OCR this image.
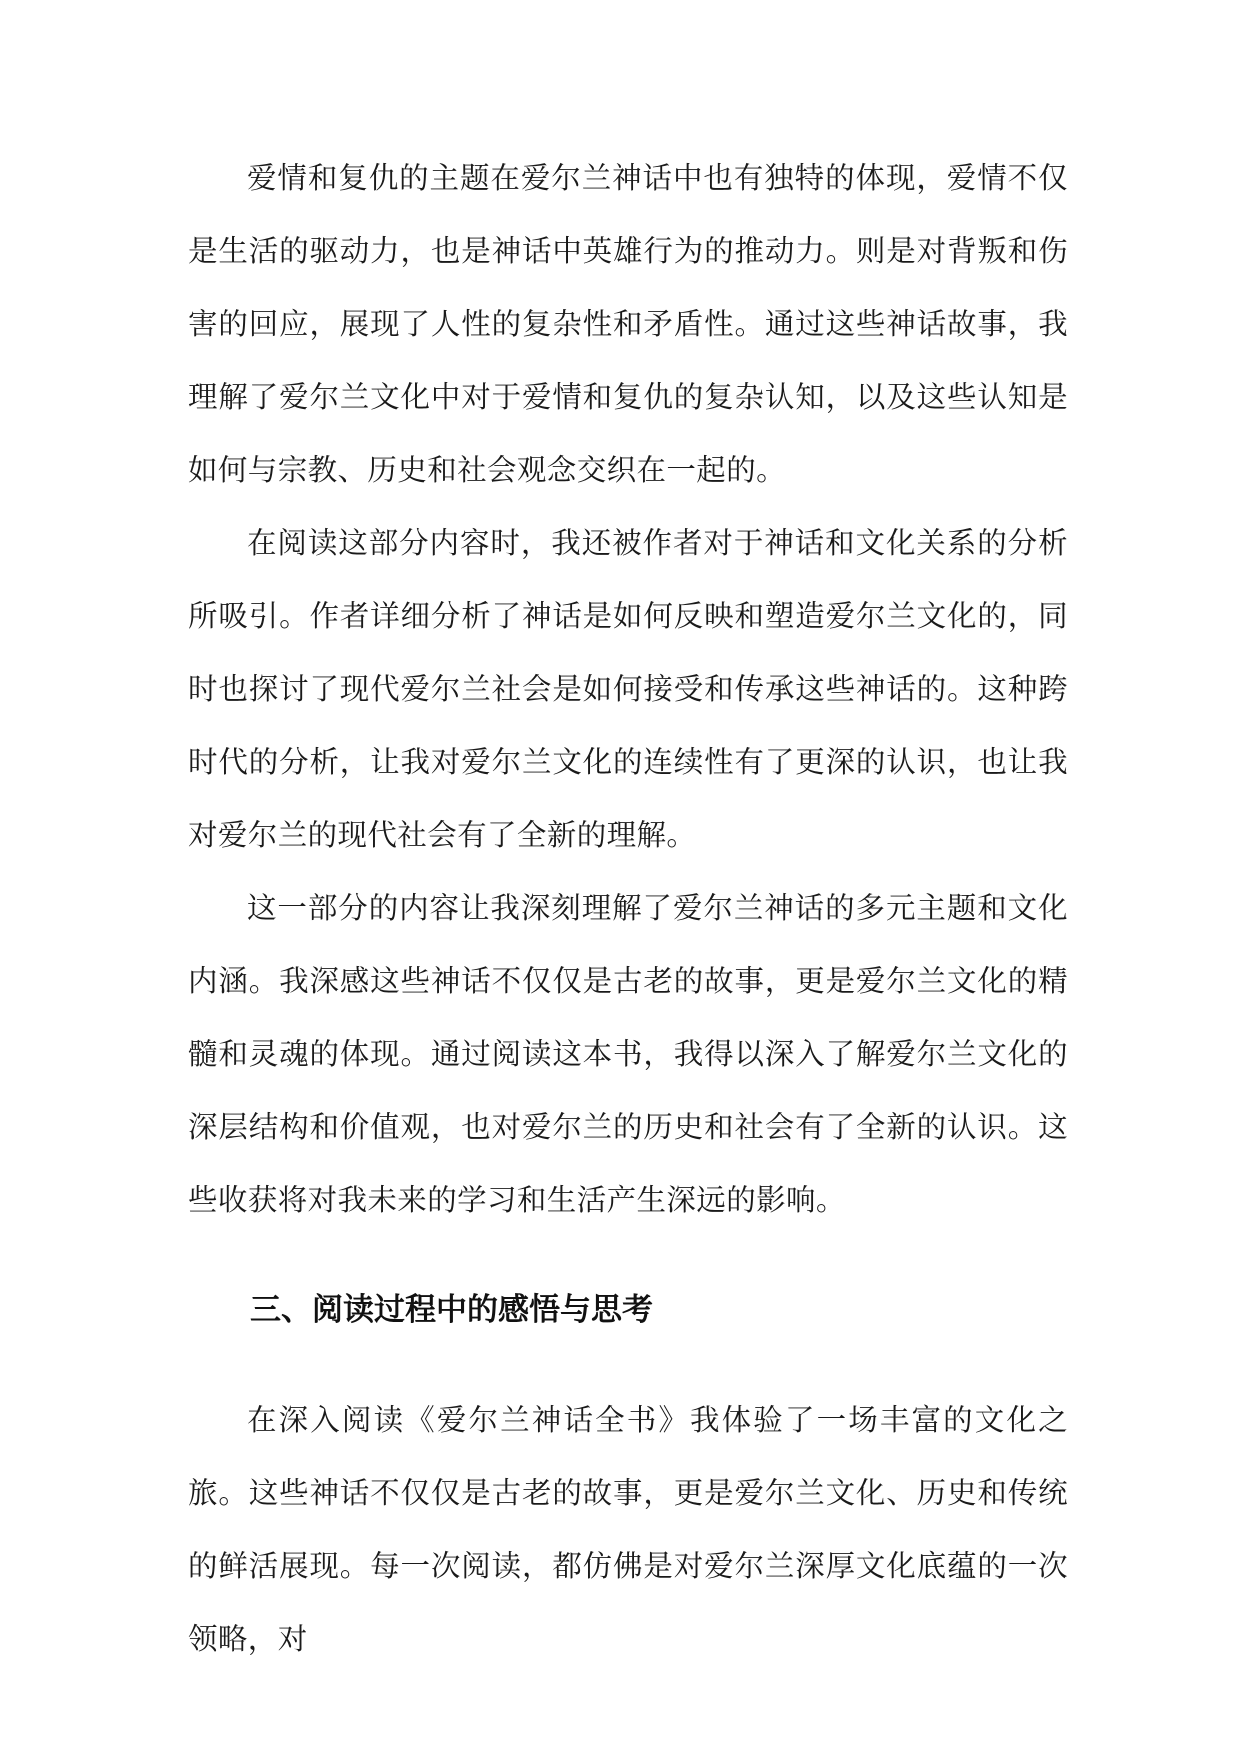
爱情和复仇的主题在爱尔兰神话中也有独特的体现，爱情不仅是生活的驱动力，也是神话中英雄行为的推动力。则是对背叛和伤害的回应，展现了人性的复杂性和矛盾性。通过这些神话故事，我理解了爱尔兰文化中对于爱情和复仇的复杂认知，以及这些认知是如何与宗教、历史和社会观念交织在一起的。

在阅读这部分内容时，我还被作者对于神话和文化关系的分析所吸引。作者详细分析了神话是如何反映和塑造爱尔兰文化的，同时也探讨了现代爱尔兰社会是如何接受和传承这些神话的。这种跨时代的分析，让我对爱尔兰文化的连续性有了更深的认识，也让我对爱尔兰的现代社会有了全新的理解。

这一部分的内容让我深刻理解了爱尔兰神话的多元主题和文化内涵。我深感这些神话不仅仅是古老的故事，更是爱尔兰文化的精髓和灵魂的体现。通过阅读这本书，我得以深入了解爱尔兰文化的深层结构和价值观，也对爱尔兰的历史和社会有了全新的认识。这些收获将对我未来的学习和生活产生深远的影响。

三、阅读过程中的感悟与思考

在深入阅读《爱尔兰神话全书》我体验了一场丰富的文化之旅。这些神话不仅仅是古老的故事，更是爱尔兰文化、历史和传统的鲜活展现。每一次阅读，都仿佛是对爱尔兰深厚文化底蕴的一次领略，对
